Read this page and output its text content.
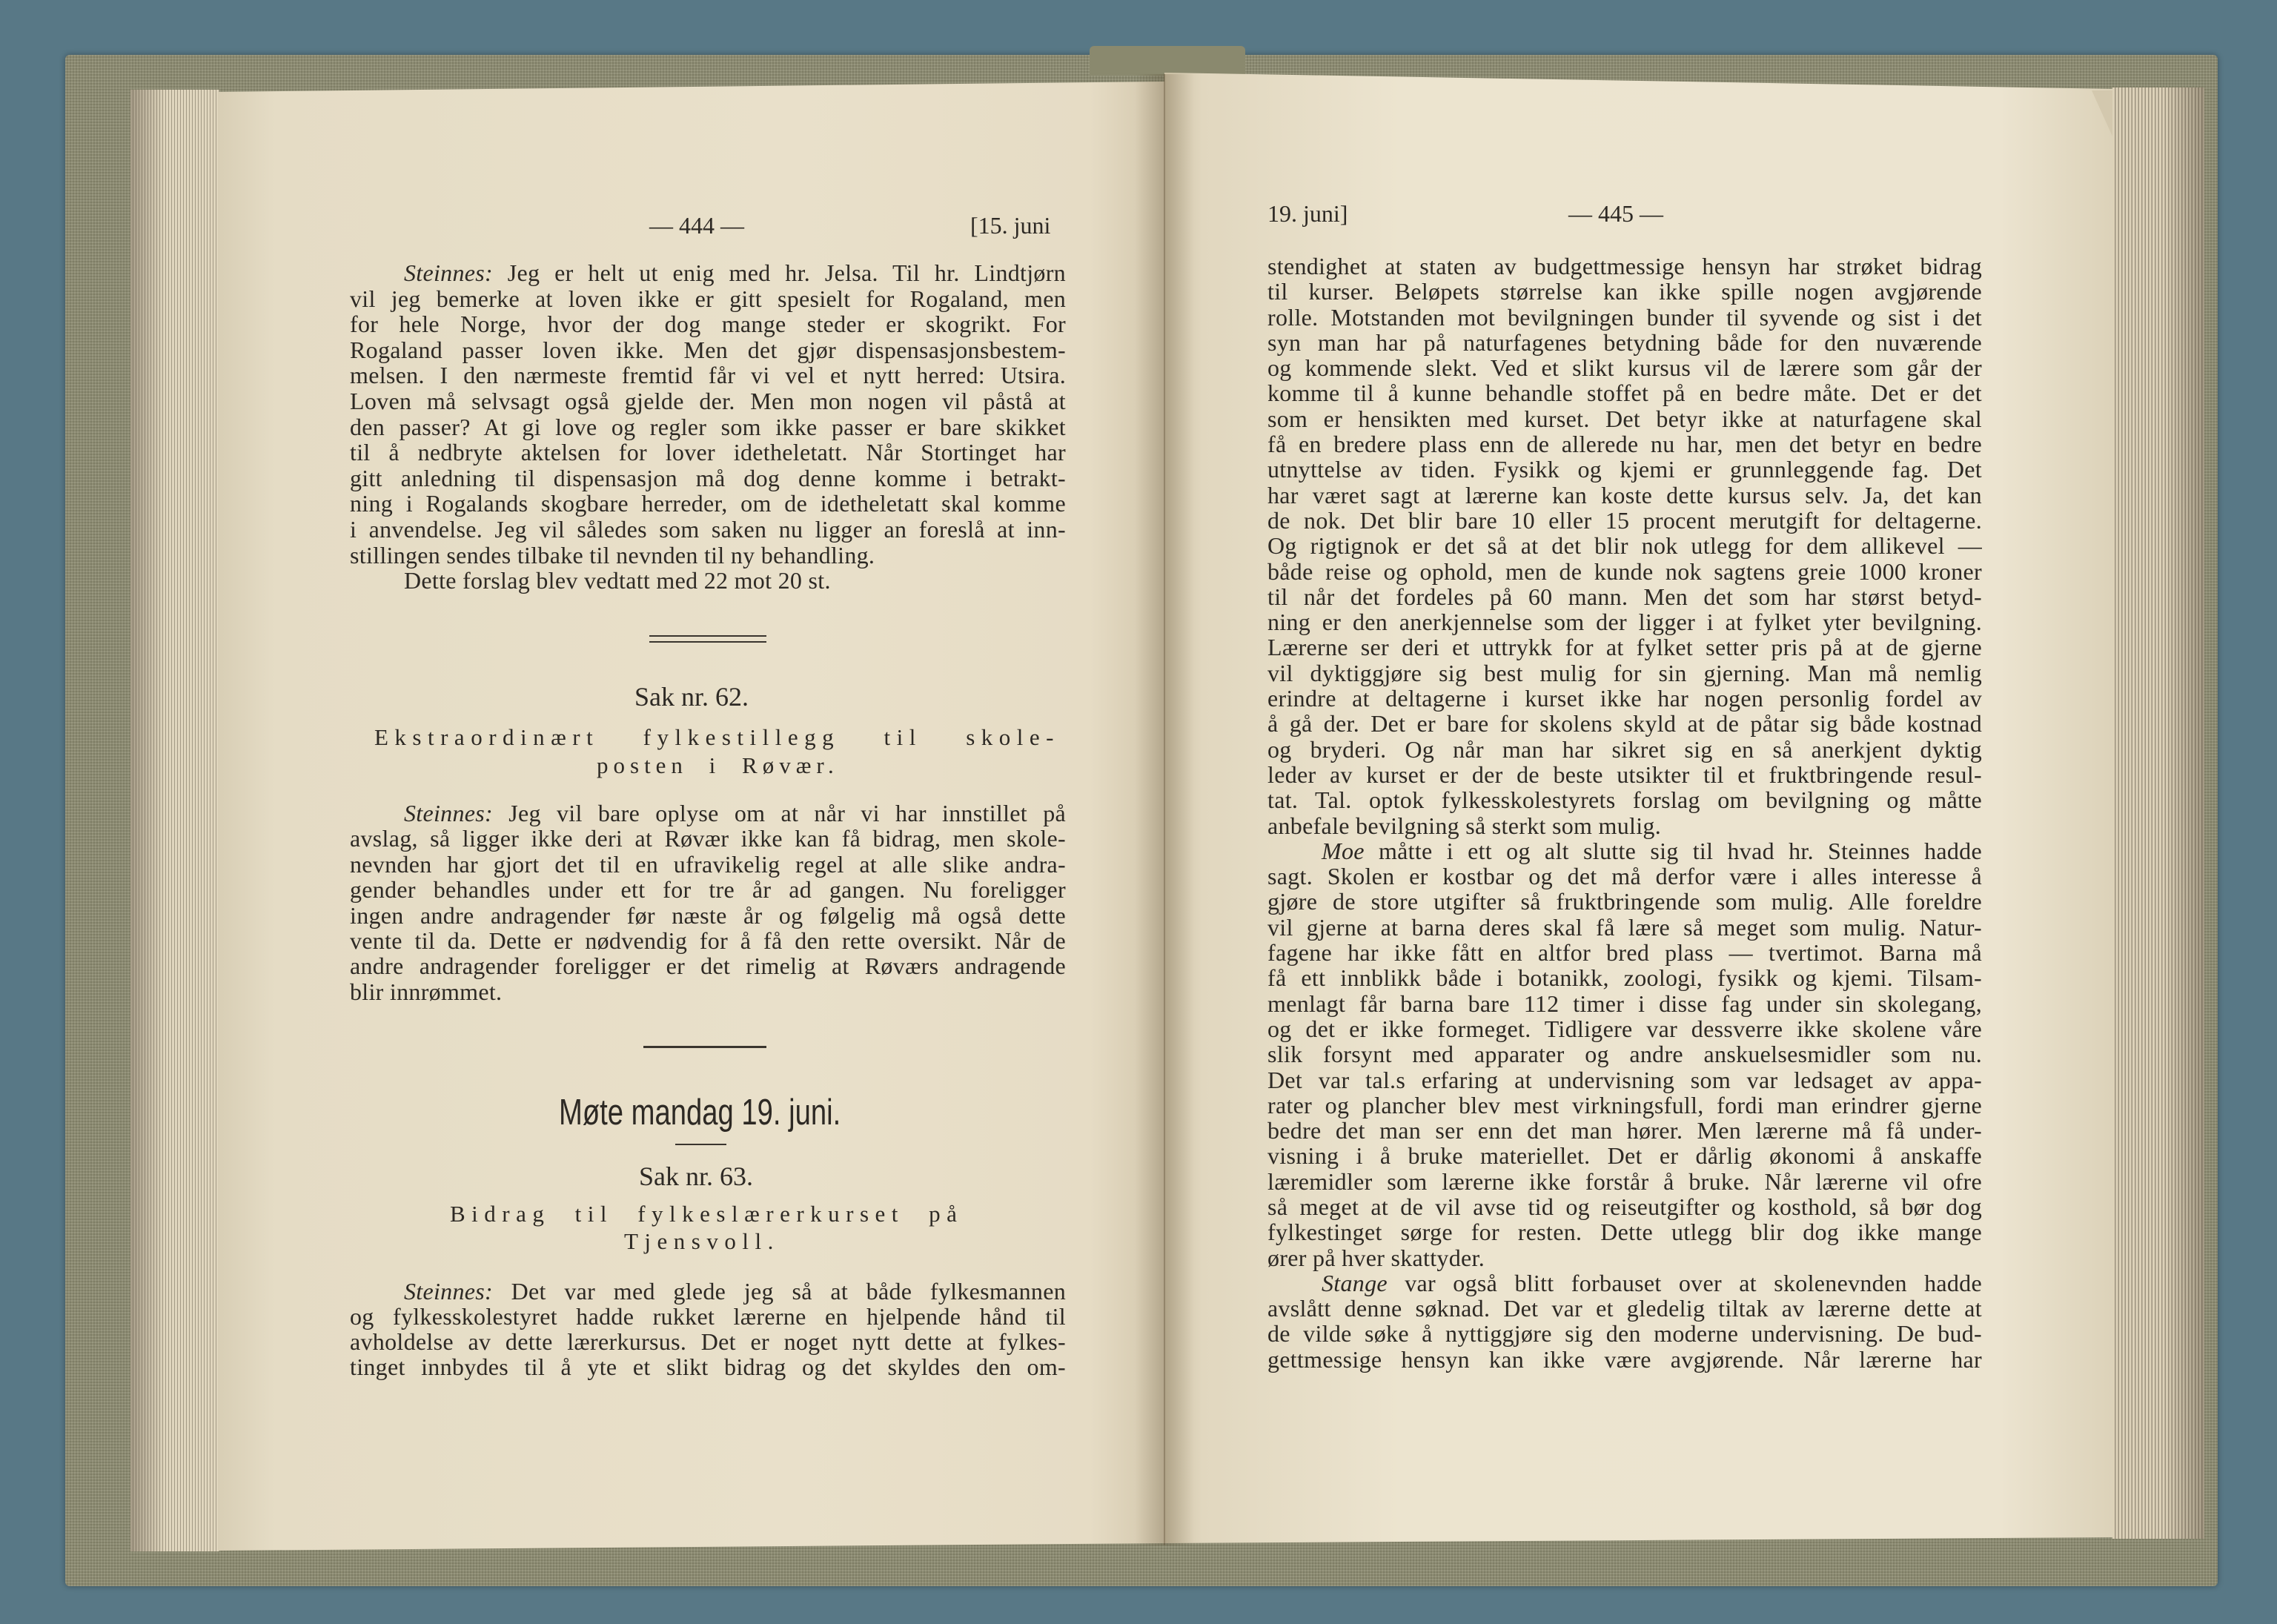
— 444 —	[15. juni
Steinnes: Jeg er helt ut enig med hr. Jelsa. Til hr. Lindtjørn
vil jeg bemerke at loven ikke er gitt spesielt for Rogaland, men
for hele Norge, hvor der dog mange steder er skogrikt. For
Rogaland passer loven ikke. Men det gjør dispensasjonsbestem-
melsen. I den nærmeste fremtid får vi vel et nytt herred: Utsira.
Loven må selvsagt også gjelde der. Men mon nogen vil påstå at
den passer? At gi love og regler som ikke passer er bare skikket
til å nedbryte aktelsen for lover idetheletatt. Når Stortinget har
gitt anledning til dispensasjon må dog denne komme i betrakt-
ning i Rogalands skogbare herreder, om de idetheletatt skal komme
i anvendelse. Jeg vil således som saken nu ligger an foreslå at inn-
stillingen sendes tilbake til nevnden til ny behandling.
Dette forslag blev vedtatt med 22 mot 20 st.
Sak nr. 62.
Ekstraordinært fylkestillegg til skole-
posten i Røvær.
Steinnes: Jeg vil bare oplyse om at når vi har innstillet på
avslag, så ligger ikke deri at Røvær ikke kan få bidrag, men skole-
nevnden har gjort det til en ufravikelig regel at alle slike andra-
gender behandles under ett for tre år ad gangen. Nu foreligger
ingen andre andragender før næste år og følgelig må også dette
vente til da. Dette er nødvendig for å få den rette oversikt. Når de
andre andragender foreligger er det rimelig at Røværs andragende
blir innrømmet.
Møte mandag 19. juni.
Sak nr. 63.
Bidrag til fylkeslærerkurset på
Tjensvoll.
Steinnes: Det var med glede jeg så at både fylkesmannen
og fylkesskolestyret hadde rukket lærerne en hjelpende hånd til
avholdelse av dette lærerkursus. Det er noget nytt dette at fylkes-
tinget innbydes til å yte et slikt bidrag og det skyldes den om-
19. juni]	— 445 —
stendighet at staten av budgettmessige hensyn har strøket bidrag
til kurser. Beløpets størrelse kan ikke spille nogen avgjørende
rolle. Motstanden mot bevilgningen bunder til syvende og sist i det
syn man har på naturfagenes betydning både for den nuværende
og kommende slekt. Ved et slikt kursus vil de lærere som går der
komme til å kunne behandle stoffet på en bedre måte. Det er det
som er hensikten med kurset. Det betyr ikke at naturfagene skal
få en bredere plass enn de allerede nu har, men det betyr en bedre
utnyttelse av tiden. Fysikk og kjemi er grunnleggende fag. Det
har været sagt at lærerne kan koste dette kursus selv. Ja, det kan
de nok. Det blir bare 10 eller 15 procent merutgift for deltagerne.
Og rigtignok er det så at det blir nok utlegg for dem allikevel —
både reise og ophold, men de kunde nok sagtens greie 1000 kroner
til når det fordeles på 60 mann. Men det som har størst betyd-
ning er den anerkjennelse som der ligger i at fylket yter bevilgning.
Lærerne ser deri et uttrykk for at fylket setter pris på at de gjerne
vil dyktiggjøre sig best mulig for sin gjerning. Man må nemlig
erindre at deltagerne i kurset ikke har nogen personlig fordel av
å gå der. Det er bare for skolens skyld at de påtar sig både kostnad
og bryderi. Og når man har sikret sig en så anerkjent dyktig
leder av kurset er der de beste utsikter til et fruktbringende resul-
tat. Tal. optok fylkesskolestyrets forslag om bevilgning og måtte
anbefale bevilgning så sterkt som mulig.
Moe måtte i ett og alt slutte sig til hvad hr. Steinnes hadde
sagt. Skolen er kostbar og det må derfor være i alles interesse å
gjøre de store utgifter så fruktbringende som mulig. Alle foreldre
vil gjerne at barna deres skal få lære så meget som mulig. Natur-
fagene har ikke fått en altfor bred plass — tvertimot. Barna må
få ett innblikk både i botanikk, zoologi, fysikk og kjemi. Tilsam-
menlagt får barna bare 112 timer i disse fag under sin skolegang,
og det er ikke formeget. Tidligere var dessverre ikke skolene våre
slik forsynt med apparater og andre anskuelsesmidler som nu.
Det var tal.s erfaring at undervisning som var ledsaget av appa-
rater og plancher blev mest virkningsfull, fordi man erindrer gjerne
bedre det man ser enn det man hører. Men lærerne må få under-
visning i å bruke materiellet. Det er dårlig økonomi å anskaffe
læremidler som lærerne ikke forstår å bruke. Når lærerne vil ofre
så meget at de vil avse tid og reiseutgifter og kosthold, så bør dog
fylkestinget sørge for resten. Dette utlegg blir dog ikke mange
ører på hver skattyder.
Stange var også blitt forbauset over at skolenevnden hadde
avslått denne søknad. Det var et gledelig tiltak av lærerne dette at
de vilde søke å nyttiggjøre sig den moderne undervisning. De bud-
gettmessige hensyn kan ikke være avgjørende. Når lærerne har
